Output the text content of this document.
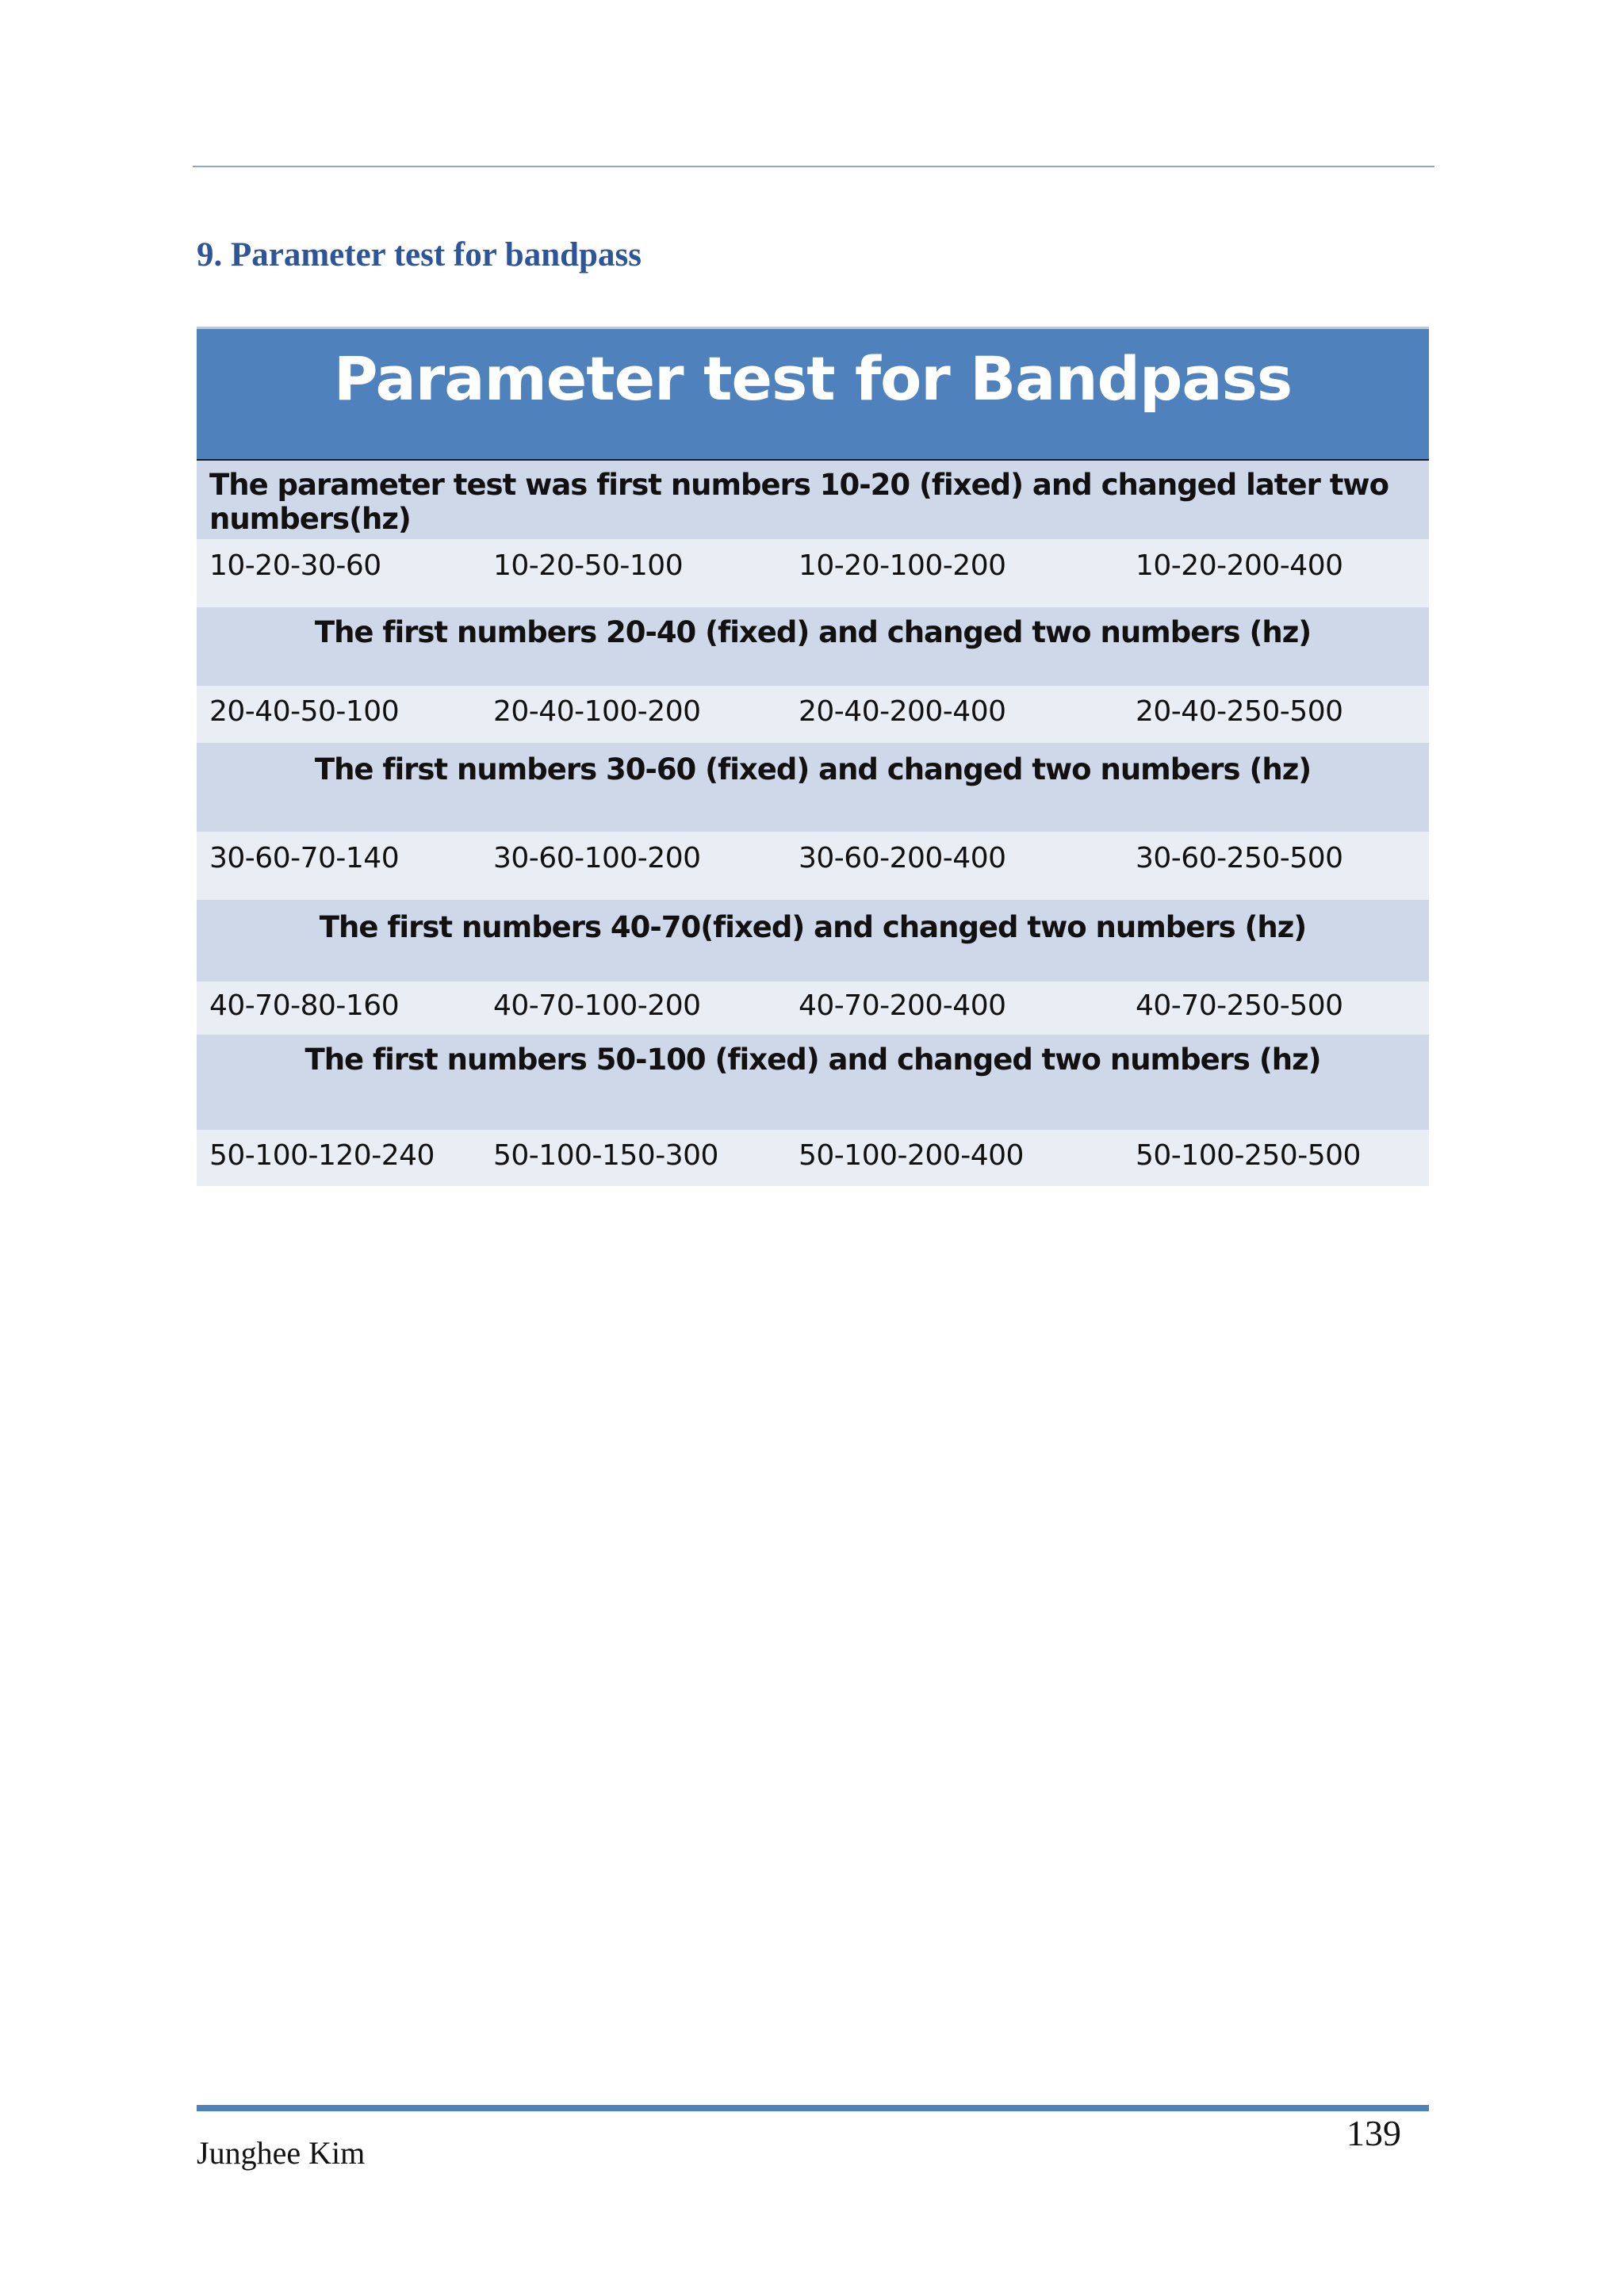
9. Parameter test for bandpass
Parameter test for Bandpass
The parameter test was first numbers 10-20 (fixed) and changed later two numbers(hz)
10-20-30-60	10-20-50-100	10-20-100-200	10-20-200-400
The first numbers 20-40 (fixed) and changed two numbers (hz)
20-40-50-100	20-40-100-200	20-40-200-400	20-40-250-500
The first numbers 30-60 (fixed) and changed two numbers (hz)
30-60-70-140	30-60-100-200	30-60-200-400	30-60-250-500
The first numbers 40-70(fixed) and changed two numbers (hz)
40-70-80-160	40-70-100-200	40-70-200-400	40-70-250-500
The first numbers 50-100 (fixed) and changed two numbers (hz)
50-100-120-240 50-100-150-300	50-100-200-400	50-100-250-500
Junghee Kim	139
